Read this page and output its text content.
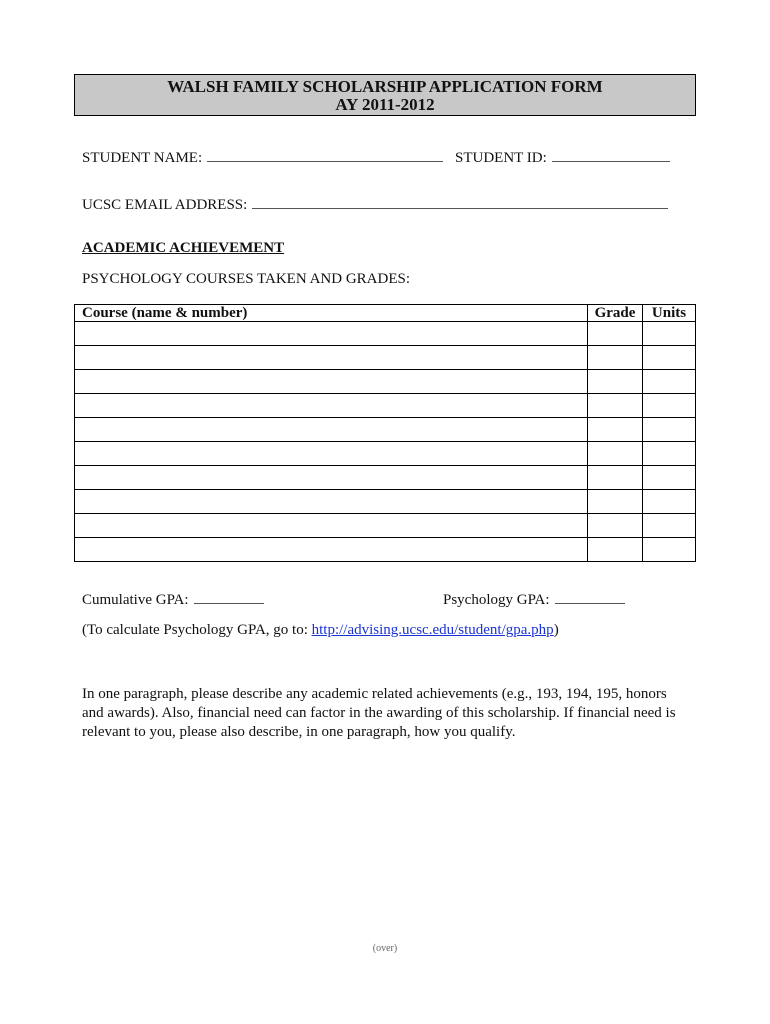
WALSH FAMILY SCHOLARSHIP APPLICATION FORM
AY 2011-2012
STUDENT NAME:	STUDENT ID:
UCSC EMAIL ADDRESS:
ACADEMIC ACHIEVEMENT
PSYCHOLOGY COURSES TAKEN AND GRADES:
Course (name & number)	Grade	Units

Cumulative GPA:	Psychology GPA:
(To calculate Psychology GPA, go to: http://advising.ucsc.edu/student/gpa.php)
In one paragraph, please describe any academic related achievements (e.g., 193, 194, 195, honors and awards). Also, financial need can factor in the awarding of this scholarship. If financial need is relevant to you, please also describe, in one paragraph, how you qualify.
(over)
